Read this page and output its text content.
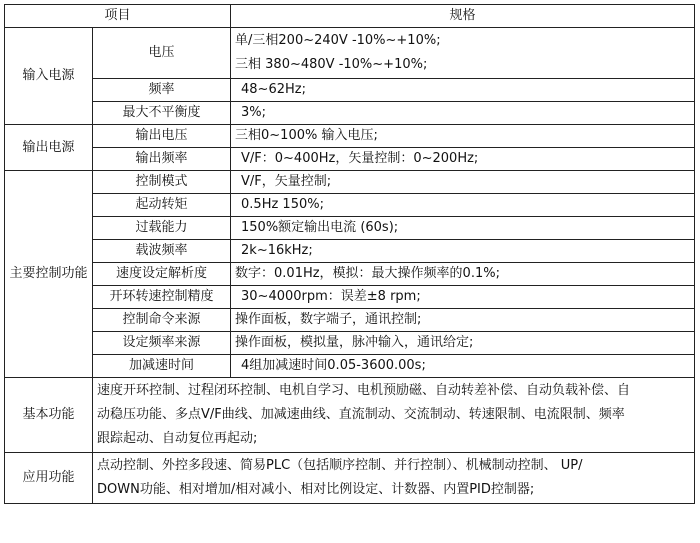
项目		规格
输入电源	电压	单/三相200~240V -10%~+10%;
三相 380~480V -10%~+10%;

	频率	48~62Hz;
	最大不平衡度	3%;
输出电源	输出电压	三相0~100% 输入电压;
	输出频率	V/F：0~400Hz，矢量控制：0~200Hz;
主要控制功能	控制模式	V/F，矢量控制;
	起动转矩	0.5Hz 150%;
	过载能力	150%额定输出电流 (60s);
	载波频率	2k~16kHz;
	速度设定解析度	数字：0.01Hz，模拟：最大操作频率的0.1%;
	开环转速控制精度	30~4000rpm：误差±8 rpm;
	控制命令来源	操作面板，数字端子，通讯控制;
	设定频率来源	操作面板，模拟量，脉冲输入，通讯给定;
	加减速时间	4组加减速时间0.05-3600.00s;
基本功能	速度开环控制、过程闭环控制、电机自学习、电机预励磁、自动转差补偿、自动负载补偿、自
动稳压功能、多点V/F曲线、加减速曲线、直流制动、交流制动、转速限制、电流限制、频率
跟踪起动、自动复位再起动;	

应用功能	点动控制、外控多段速、简易PLC（包括顺序控制、并行控制）、机械制动控制、 UP/
DOWN功能、相对增加/相对减小、相对比例设定、计数器、内置PID控制器;	
